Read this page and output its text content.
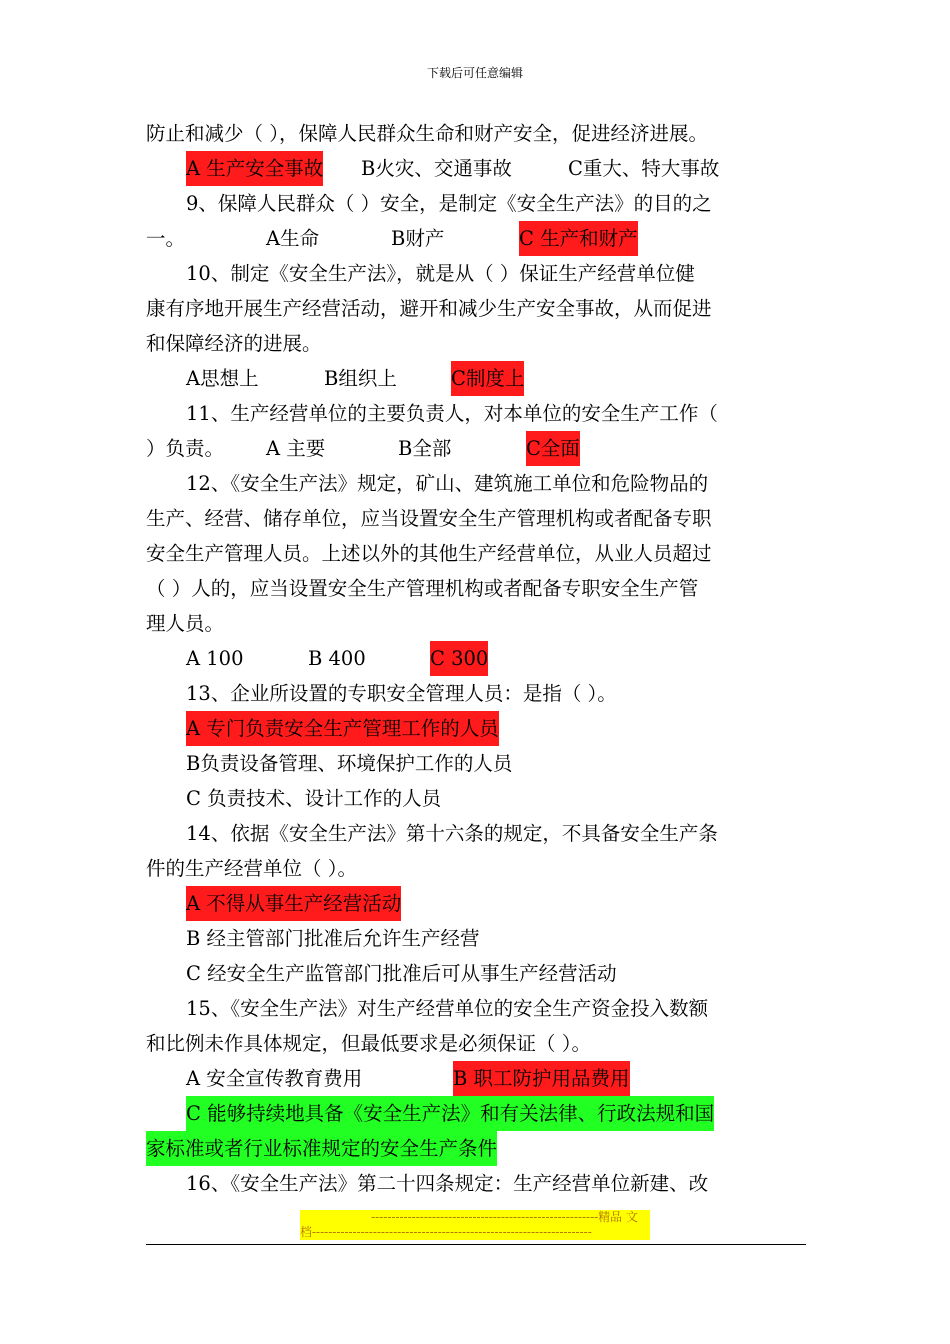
下载后可任意编辑
防止和减少（ ），保障人民群众生命和财产安全，促进经济进展。
A 生产安全事故 B火灾、交通事故	C重大、特大事故
9、保障人民群众（ ）安全，是制定《安全生产法》的目的之
一。	A生命	B财产	C 生产和财产
10、制定《安全生产法》，就是从（ ）保证生产经营单位健
康有序地开展生产经营活动，避开和减少生产安全事故，从而促进
和保障经济的进展。
A思想上	B组织上	C制度上
11、生产经营单位的主要负责人，对本单位的安全生产工作（
）负责。 A 主要	B全部	C全面
12、《安全生产法》规定，矿山、建筑施工单位和危险物品的
生产、经营、储存单位，应当设置安全生产管理机构或者配备专职
安全生产管理人员。上述以外的其他生产经营单位，从业人员超过
（ ）人的，应当设置安全生产管理机构或者配备专职安全生产管
理人员。
A 100	B 400	C 300
13、企业所设置的专职安全管理人员：是指（ ）。
A 专门负责安全生产管理工作的人员
B负责设备管理、环境保护工作的人员
C 负责技术、设计工作的人员
14、依据《安全生产法》第十六条的规定，不具备安全生产条
件的生产经营单位（ ）。
A 不得从事生产经营活动
B 经主管部门批准后允许生产经营
C 经安全生产监管部门批准后可从事生产经营活动
15、《安全生产法》对生产经营单位的安全生产资金投入数额
和比例未作具体规定，但最低要求是必须保证（ ）。
A 安全宣传教育费用	B 职工防护用品费用
C 能够持续地具备《安全生产法》和有关法律、行政法规和国
家标准或者行业标准规定的安全生产条件
16、《安全生产法》第二十四条规定：生产经营单位新建、改
--------------------------------------------------------精品 文
档---------------------------------------------------------------------
